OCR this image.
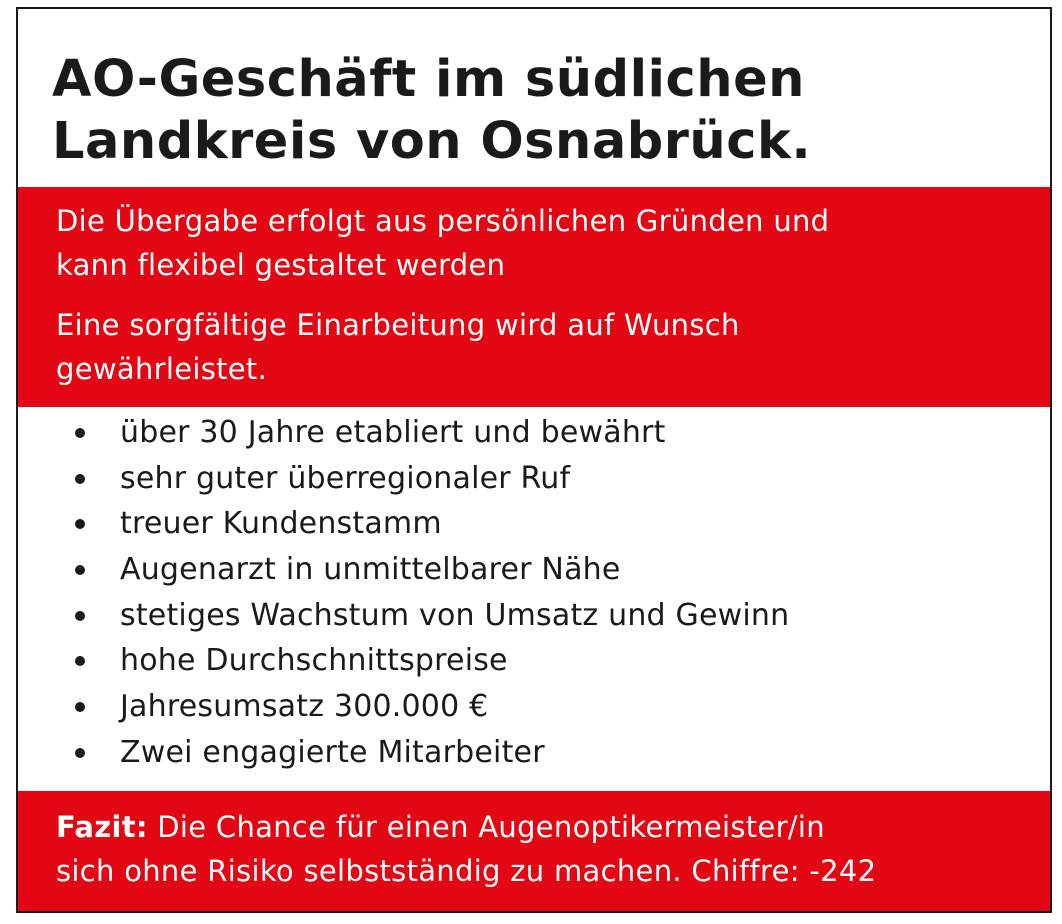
AO-Geschäft im südlichen
Landkreis von Osnabrück.

Die Übergabe erfolgt aus persönlichen Gründen und
kann flexibel gestaltet werden

Eine sorgfältige Einarbeitung wird auf Wunsch
gewährleistet.

über 30 Jahre etabliert und bewährt
sehr guter überregionaler Ruf
treuer Kundenstamm
Augenarzt in unmittelbarer Nähe
stetiges Wachstum von Umsatz und Gewinn
hohe Durchschnittspreise
Jahresumsatz 300.000 €
Zwei engagierte Mitarbeiter

Fazit: Die Chance für einen Augenoptikermeister/in
sich ohne Risiko selbstständig zu machen. Chiffre: -242
